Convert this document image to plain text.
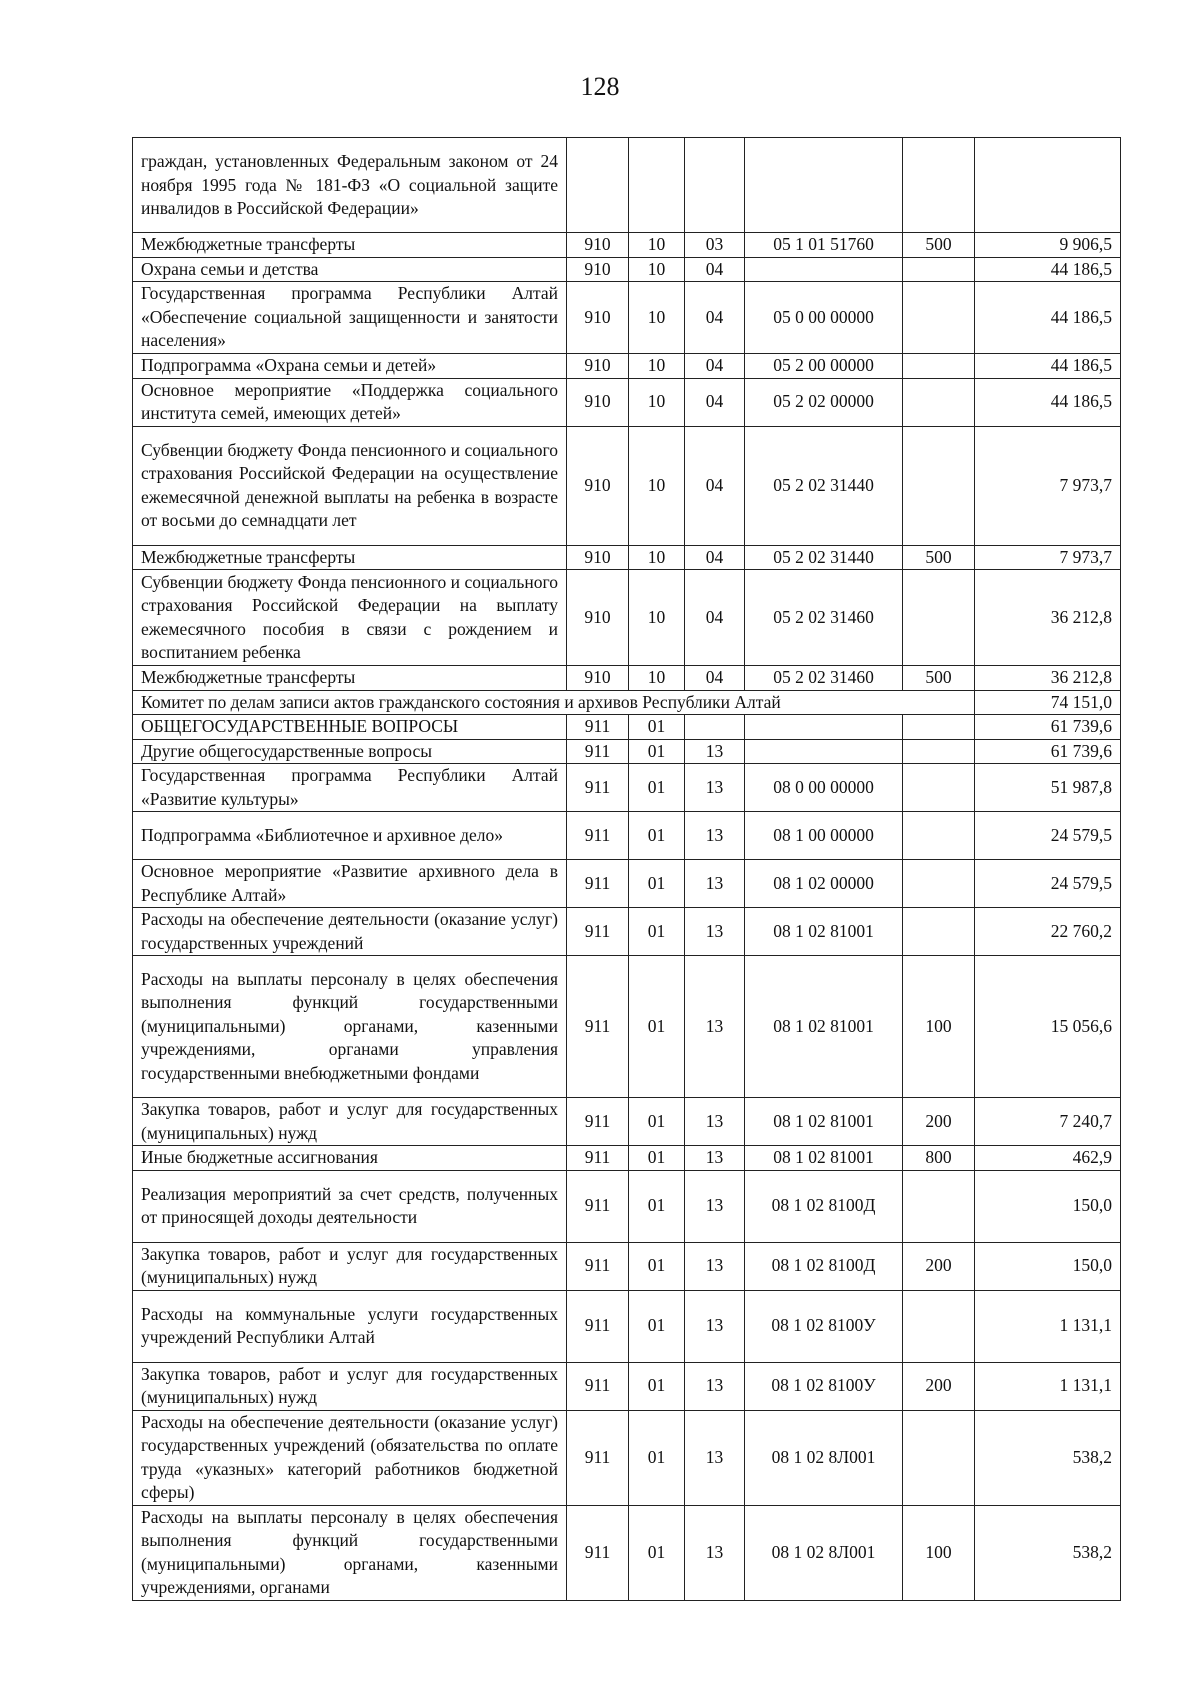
128
граждан, установленных Федеральным законом от 24 ноября 1995 года № 181-ФЗ «О социальной защите инвалидов в Российской Федерации»						
Межбюджетные трансферты	910	10	03	05 1 01 51760	500	9 906,5
Охрана семьи и детства	910	10	04			44 186,5
Государственная программа Республики Алтай «Обеспечение социальной защищенности и занятости населения»	910	10	04	05 0 00 00000		44 186,5
Подпрограмма «Охрана семьи и детей»	910	10	04	05 2 00 00000		44 186,5
Основное мероприятие «Поддержка социального института семей, имеющих детей»	910	10	04	05 2 02 00000		44 186,5
Субвенции бюджету Фонда пенсионного и социального страхования Российской Федерации на осуществление ежемесячной денежной выплаты на ребенка в возрасте от восьми до семнадцати лет	910	10	04	05 2 02 31440		7 973,7
Межбюджетные трансферты	910	10	04	05 2 02 31440	500	7 973,7
Субвенции бюджету Фонда пенсионного и социального страхования Российской Федерации на выплату ежемесячного пособия в связи с рождением и воспитанием ребенка	910	10	04	05 2 02 31460		36 212,8
Межбюджетные трансферты	910	10	04	05 2 02 31460	500	36 212,8
Комитет по делам записи актов гражданского состояния и архивов Республики Алтай						74 151,0
ОБЩЕГОСУДАРСТВЕННЫЕ ВОПРОСЫ	911	01				61 739,6
Другие общегосударственные вопросы	911	01	13			61 739,6
Государственная программа Республики Алтай «Развитие культуры»	911	01	13	08 0 00 00000		51 987,8
Подпрограмма «Библиотечное и архивное дело»	911	01	13	08 1 00 00000		24 579,5
Основное мероприятие «Развитие архивного дела в Республике Алтай»	911	01	13	08 1 02 00000		24 579,5
Расходы на обеспечение деятельности (оказание услуг) государственных учреждений	911	01	13	08 1 02 81001		22 760,2
Расходы на выплаты персоналу в целях обеспечения выполнения функций государственными (муниципальными) органами, казенными учреждениями, органами управления государственными внебюджетными фондами	911	01	13	08 1 02 81001	100	15 056,6
Закупка товаров, работ и услуг для государственных (муниципальных) нужд	911	01	13	08 1 02 81001	200	7 240,7
Иные бюджетные ассигнования	911	01	13	08 1 02 81001	800	462,9
Реализация мероприятий за счет средств, полученных от приносящей доходы деятельности	911	01	13	08 1 02 8100Д		150,0
Закупка товаров, работ и услуг для государственных (муниципальных) нужд	911	01	13	08 1 02 8100Д	200	150,0
Расходы на коммунальные услуги государственных учреждений Республики Алтай	911	01	13	08 1 02 8100У		1 131,1
Закупка товаров, работ и услуг для государственных (муниципальных) нужд	911	01	13	08 1 02 8100У	200	1 131,1
Расходы на обеспечение деятельности (оказание услуг) государственных учреждений (обязательства по оплате труда «указных» категорий работников бюджетной сферы)	911	01	13	08 1 02 8Л001		538,2
Расходы на выплаты персоналу в целях обеспечения выполнения функций государственными (муниципальными) органами, казенными учреждениями, органами	911	01	13	08 1 02 8Л001	100	538,2
